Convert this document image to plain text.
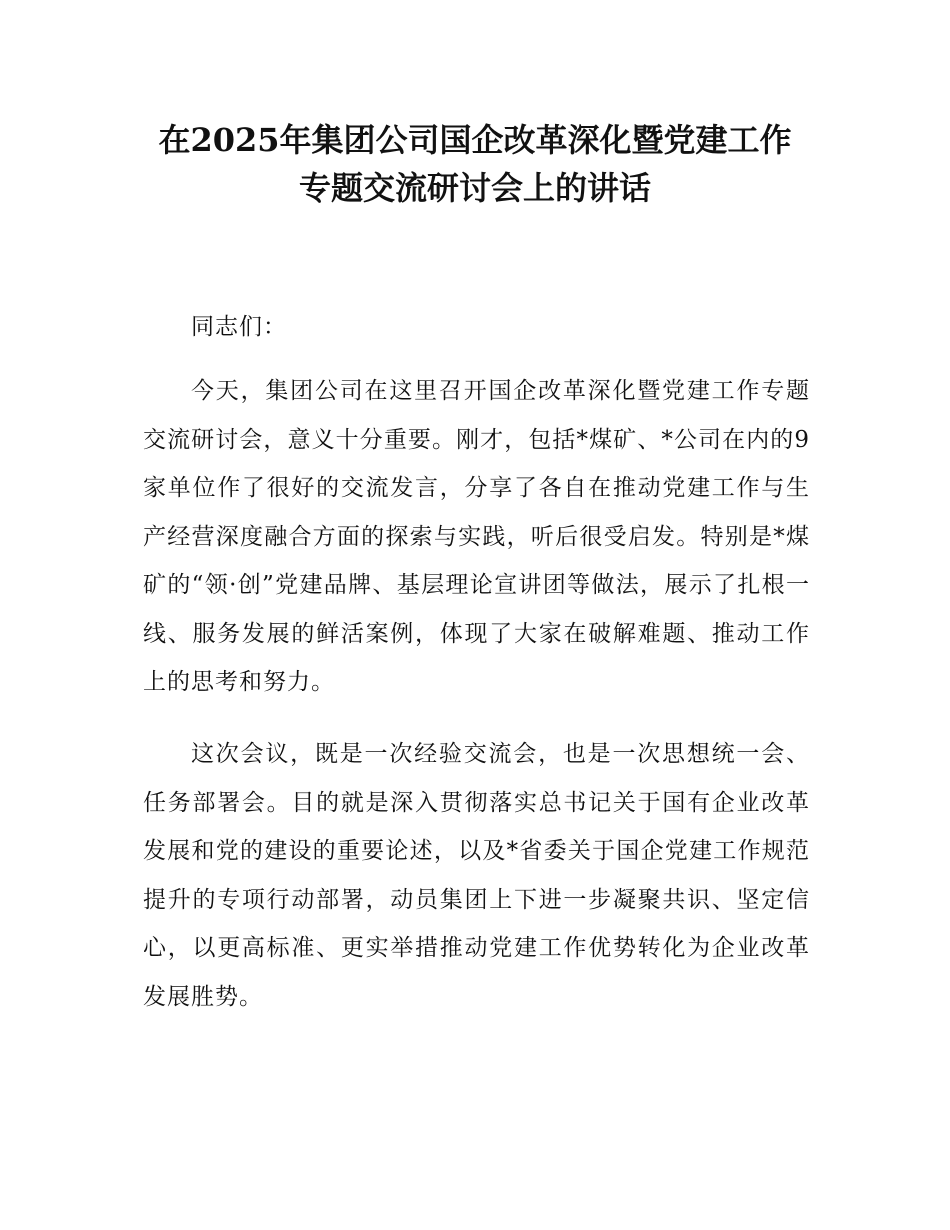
在2025年集团公司国企改革深化暨党建工作
专题交流研讨会上的讲话

同志们：

今天，集团公司在这里召开国企改革深化暨党建工作专题交流研讨会，意义十分重要。刚才，包括*煤矿、*公司在内的9家单位作了很好的交流发言，分享了各自在推动党建工作与生产经营深度融合方面的探索与实践，听后很受启发。特别是*煤矿的“领·创”党建品牌、基层理论宣讲团等做法，展示了扎根一线、服务发展的鲜活案例，体现了大家在破解难题、推动工作上的思考和努力。

这次会议，既是一次经验交流会，也是一次思想统一会、任务部署会。目的就是深入贯彻落实总书记关于国有企业改革发展和党的建设的重要论述，以及*省委关于国企党建工作规范提升的专项行动部署，动员集团上下进一步凝聚共识、坚定信心，以更高标准、更实举措推动党建工作优势转化为企业改革发展胜势。
